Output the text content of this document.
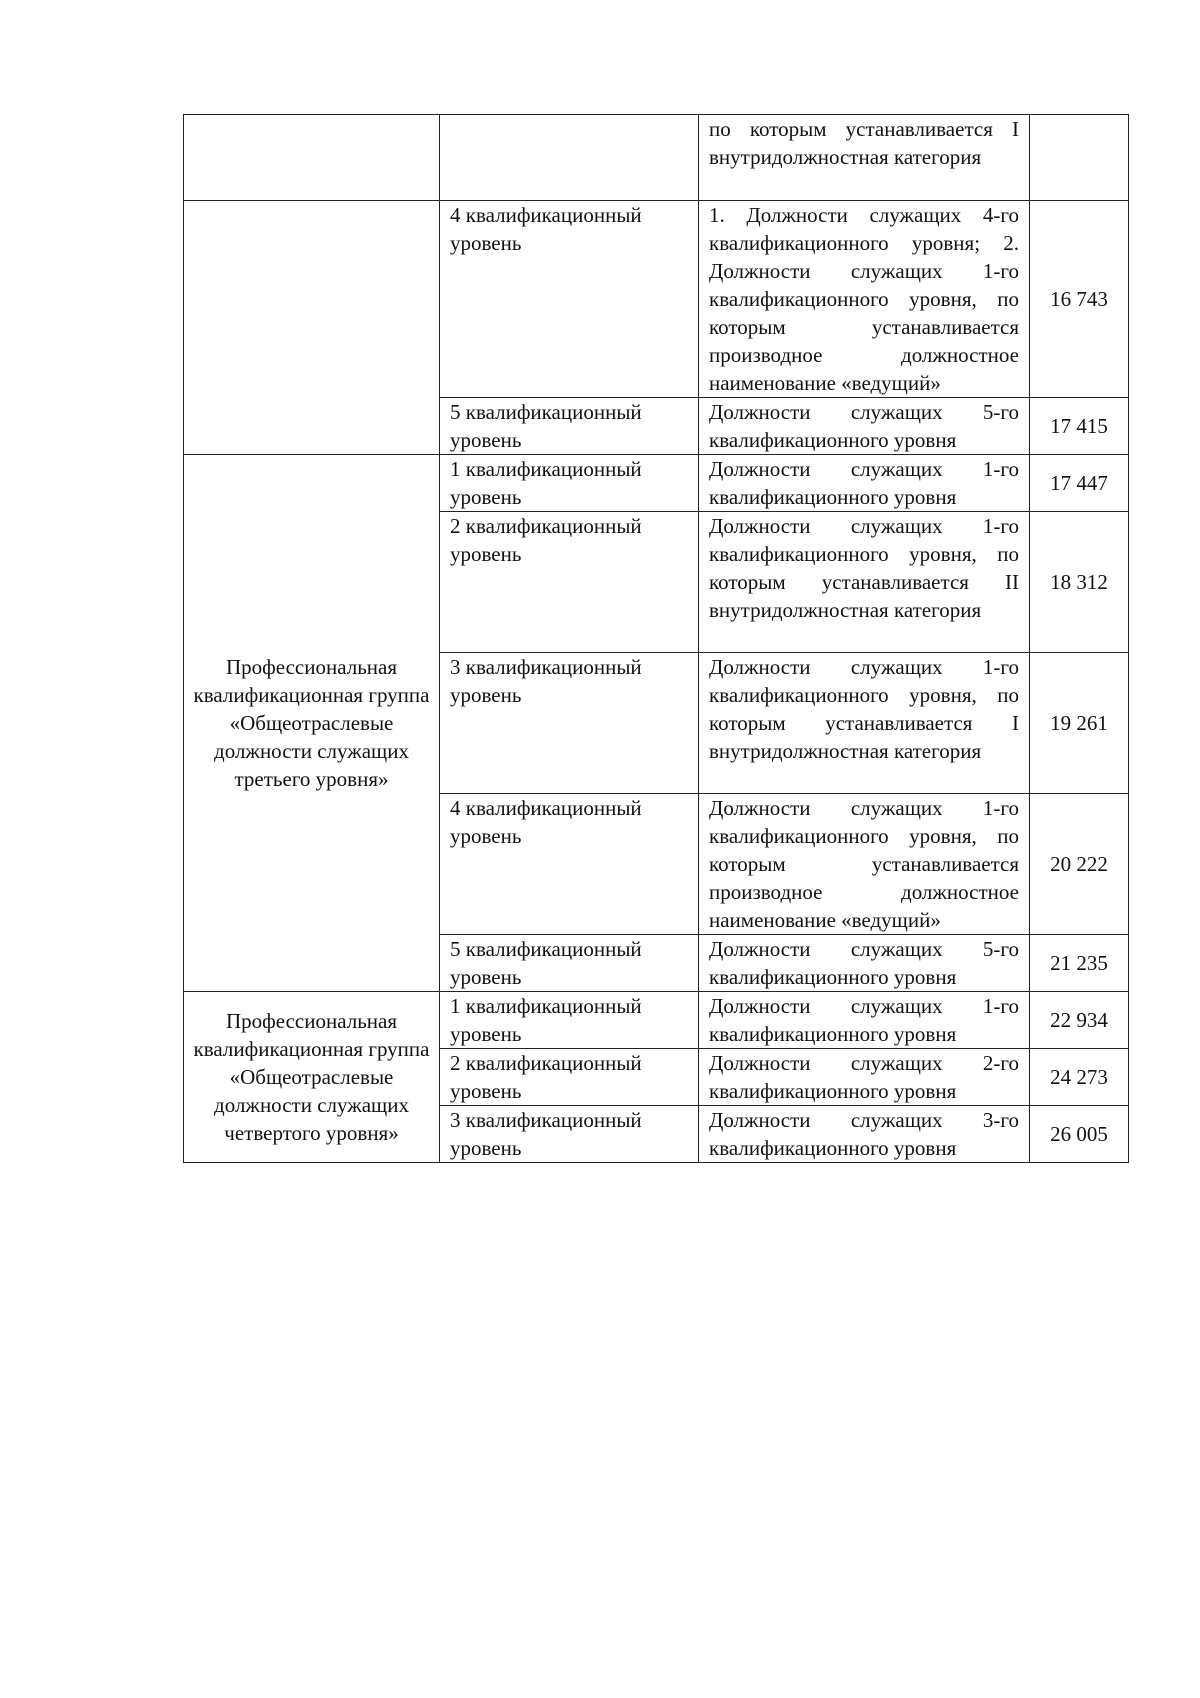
		по которым устанавливается I внутридолжностная категория	
	4 квалификационный уровень	1. Должности служащих 4-го квалификационного уровня; 2. Должности служащих 1-го квалификационного уровня, по которым устанавливается производное должностное наименование «ведущий»	16 743
	5 квалификационный уровень	Должности служащих 5-го квалификационного уровня	17 415
Профессиональная квалификационная группа «Общеотраслевые должности служащих третьего уровня»	1 квалификационный уровень	Должности служащих 1-го квалификационного уровня	17 447
	2 квалификационный уровень	Должности служащих 1-го квалификационного уровня, по которым устанавливается II внутридолжностная категория	18 312
	3 квалификационный уровень	Должности служащих 1-го квалификационного уровня, по которым устанавливается I внутридолжностная категория	19 261
	4 квалификационный уровень	Должности служащих 1-го квалификационного уровня, по которым устанавливается производное должностное наименование «ведущий»	20 222
	5 квалификационный уровень	Должности служащих 5-го квалификационного уровня	21 235
Профессиональная квалификационная группа «Общеотраслевые должности служащих четвертого уровня»	1 квалификационный уровень	Должности служащих 1-го квалификационного уровня	22 934
	2 квалификационный уровень	Должности служащих 2-го квалификационного уровня	24 273
	3 квалификационный уровень	Должности служащих 3-го квалификационного уровня	26 005
